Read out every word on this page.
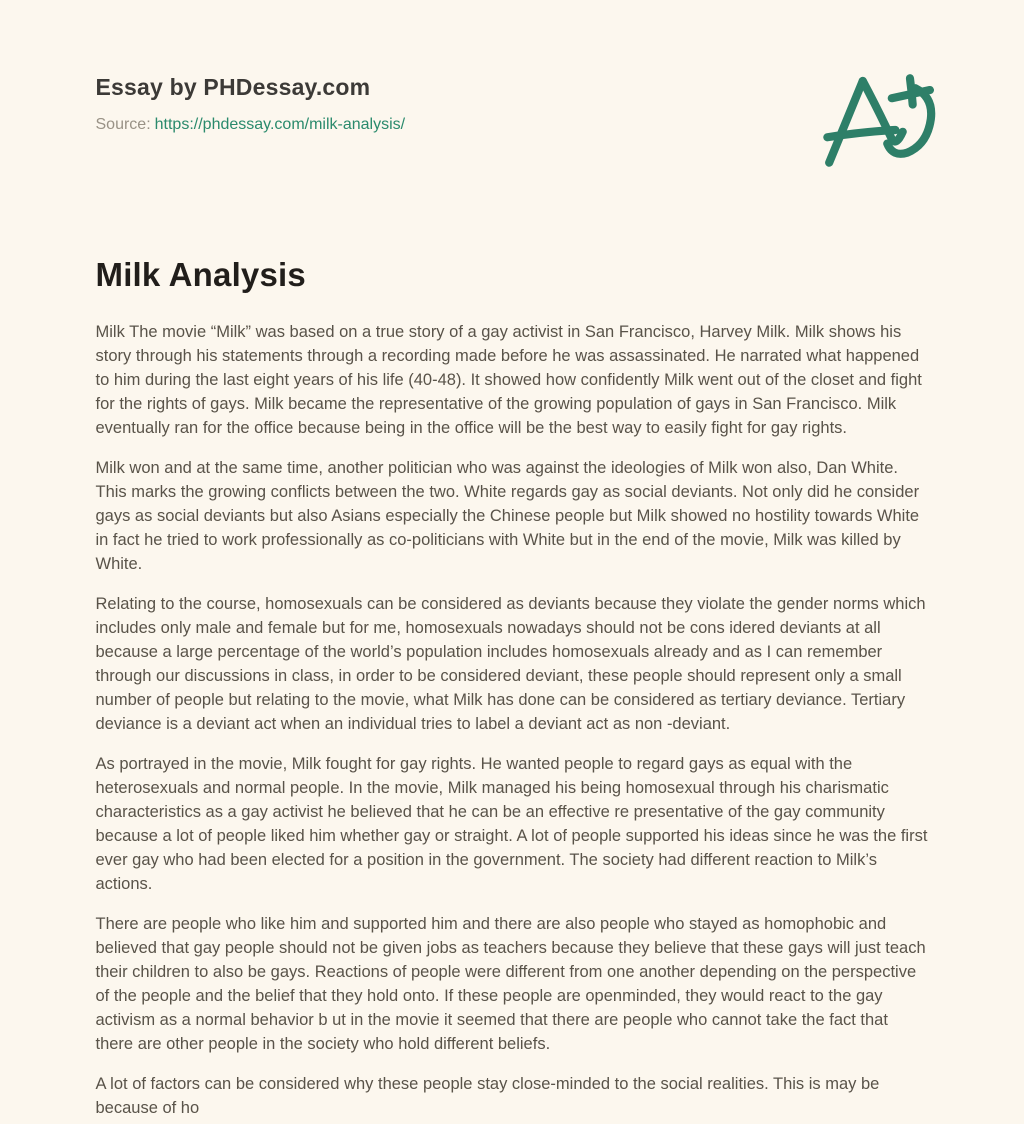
Essay by PHDessay.com
Source: https://phdessay.com/milk-analysis/
Milk Analysis

Milk The movie “Milk” was based on a true story of a gay activist in San Francisco, Harvey Milk. Milk shows his story through his statements through a recording made before he was assassinated. He narrated what happened to him during the last eight years of his life (40-48). It showed how confidently Milk went out of the closet and fight for the rights of gays. Milk became the representative of the growing population of gays in San Francisco. Milk eventually ran for the office because being in the office will be the best way to easily fight for gay rights.

Milk won and at the same time, another politician who was against the ideologies of Milk won also, Dan White. This marks the growing conflicts between the two. White regards gay as social deviants. Not only did he consider gays as social deviants but also Asians especially the Chinese people but Milk showed no hostility towards White in fact he tried to work professionally as co-politicians with White but in the end of the movie, Milk was killed by White.

Relating to the course, homosexuals can be considered as deviants because they violate the gender norms which includes only male and female but for me, homosexuals nowadays should not be cons idered deviants at all because a large percentage of the world’s population includes homosexuals already and as I can remember through our discussions in class, in order to be considered deviant, these people should represent only a small number of people but relating to the movie, what Milk has done can be considered as tertiary deviance. Tertiary deviance is a deviant act when an individual tries to label a deviant act as non -deviant.

As portrayed in the movie, Milk fought for gay rights. He wanted people to regard gays as equal with the heterosexuals and normal people. In the movie, Milk managed his being homosexual through his charismatic characteristics as a gay activist he believed that he can be an effective re presentative of the gay community because a lot of people liked him whether gay or straight. A lot of people supported his ideas since he was the first ever gay who had been elected for a position in the government. The society had different reaction to Milk’s actions.

There are people who like him and supported him and there are also people who stayed as homophobic and believed that gay people should not be given jobs as teachers because they believe that these gays will just teach their children to also be gays. Reactions of people were different from one another depending on the perspective of the people and the belief that they hold onto. If these people are openminded, they would react to the gay activism as a normal behavior b ut in the movie it seemed that there are people who cannot take the fact that there are other people in the society who hold different beliefs.

A lot of factors can be considered why these people stay close-minded to the social realities. This is may be because of ho
